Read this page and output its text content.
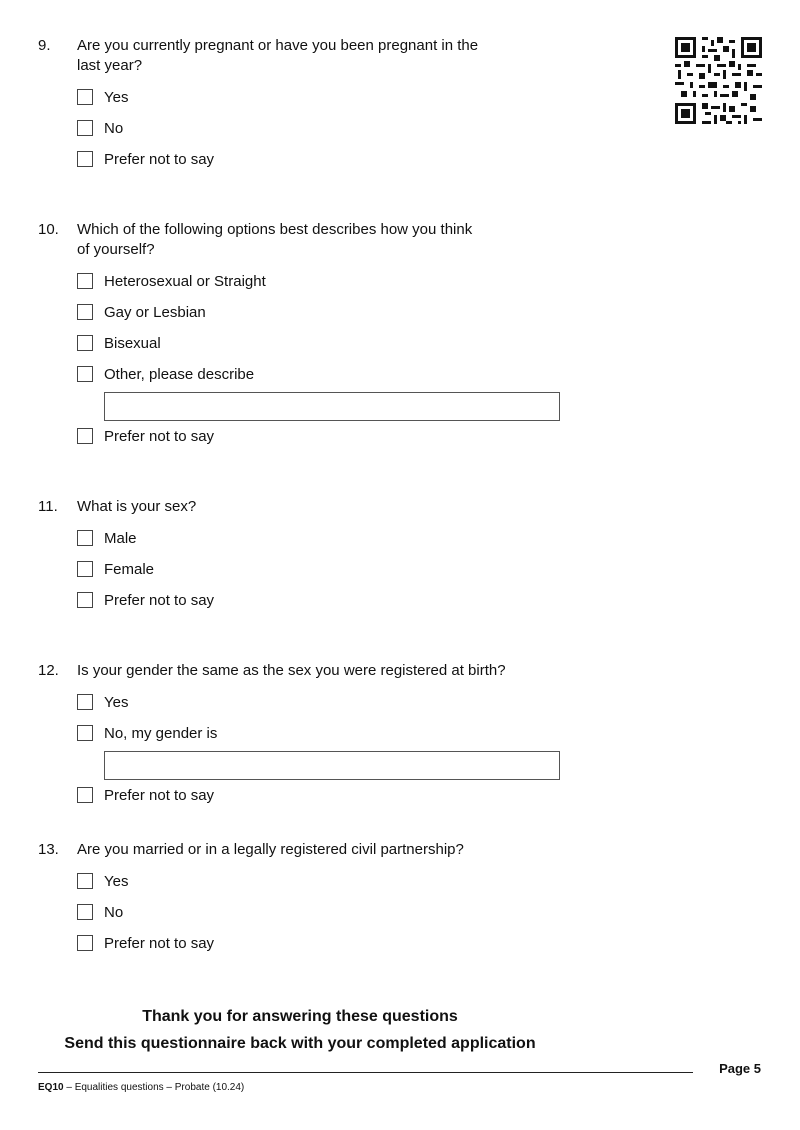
9. Are you currently pregnant or have you been pregnant in the last year?
Yes
No
Prefer not to say
10. Which of the following options best describes how you think of yourself?
Heterosexual or Straight
Gay or Lesbian
Bisexual
Other, please describe
Prefer not to say
11. What is your sex?
Male
Female
Prefer not to say
12. Is your gender the same as the sex you were registered at birth?
Yes
No, my gender is
Prefer not to say
13. Are you married or in a legally registered civil partnership?
Yes
No
Prefer not to say
Thank you for answering these questions
Send this questionnaire back with your completed application
Page 5
EQ10 – Equalities questions – Probate (10.24)
